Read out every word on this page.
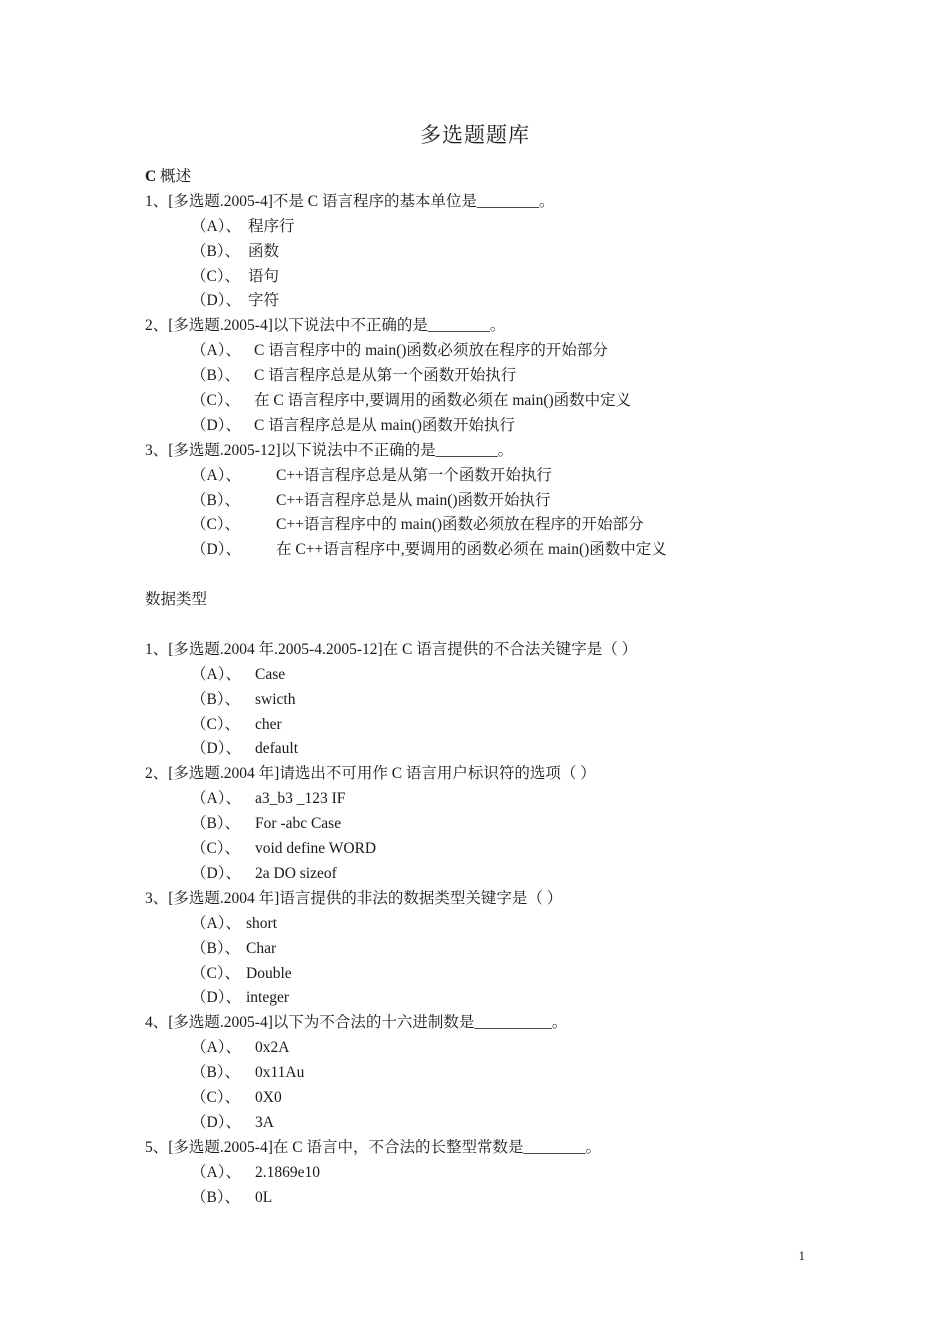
多选题题库
C 概述
1、[多选题.2005-4]不是 C 语言程序的基本单位是________。
（A）、 程序行
（B）、 函数
（C）、 语句
（D）、 字符
2、[多选题.2005-4]以下说法中不正确的是________。
（A）、 C 语言程序中的 main()函数必须放在程序的开始部分
（B）、 C 语言程序总是从第一个函数开始执行
（C）、 在 C 语言程序中,要调用的函数必须在 main()函数中定义
（D）、 C 语言程序总是从 main()函数开始执行
3、[多选题.2005-12]以下说法中不正确的是________。
（A）、	C++语言程序总是从第一个函数开始执行
（B）、	C++语言程序总是从 main()函数开始执行
（C）、	C++语言程序中的 main()函数必须放在程序的开始部分
（D）、	在 C++语言程序中,要调用的函数必须在 main()函数中定义
数据类型
1、[多选题.2004 年.2005-4.2005-12]在 C 语言提供的不合法关键字是（ ）
（A）、 Case
（B）、 swicth
（C）、 cher
（D）、 default
2、[多选题.2004 年]请选出不可用作 C 语言用户标识符的选项（ ）
（A）、 a3_b3 _123 IF
（B）、 For -abc Case
（C）、 void define WORD
（D）、 2a DO sizeof
3、[多选题.2004 年]语言提供的非法的数据类型关键字是（ ）
（A）、 short
（B）、 Char
（C）、 Double
（D）、 integer
4、[多选题.2005-4]以下为不合法的十六进制数是__________。
（A）、 0x2A
（B）、 0x11Au
（C）、 0X0
（D）、 3A
5、[多选题.2005-4]在 C 语言中，不合法的长整型常数是________。
（A）、 2.1869e10
（B）、 0L
1
